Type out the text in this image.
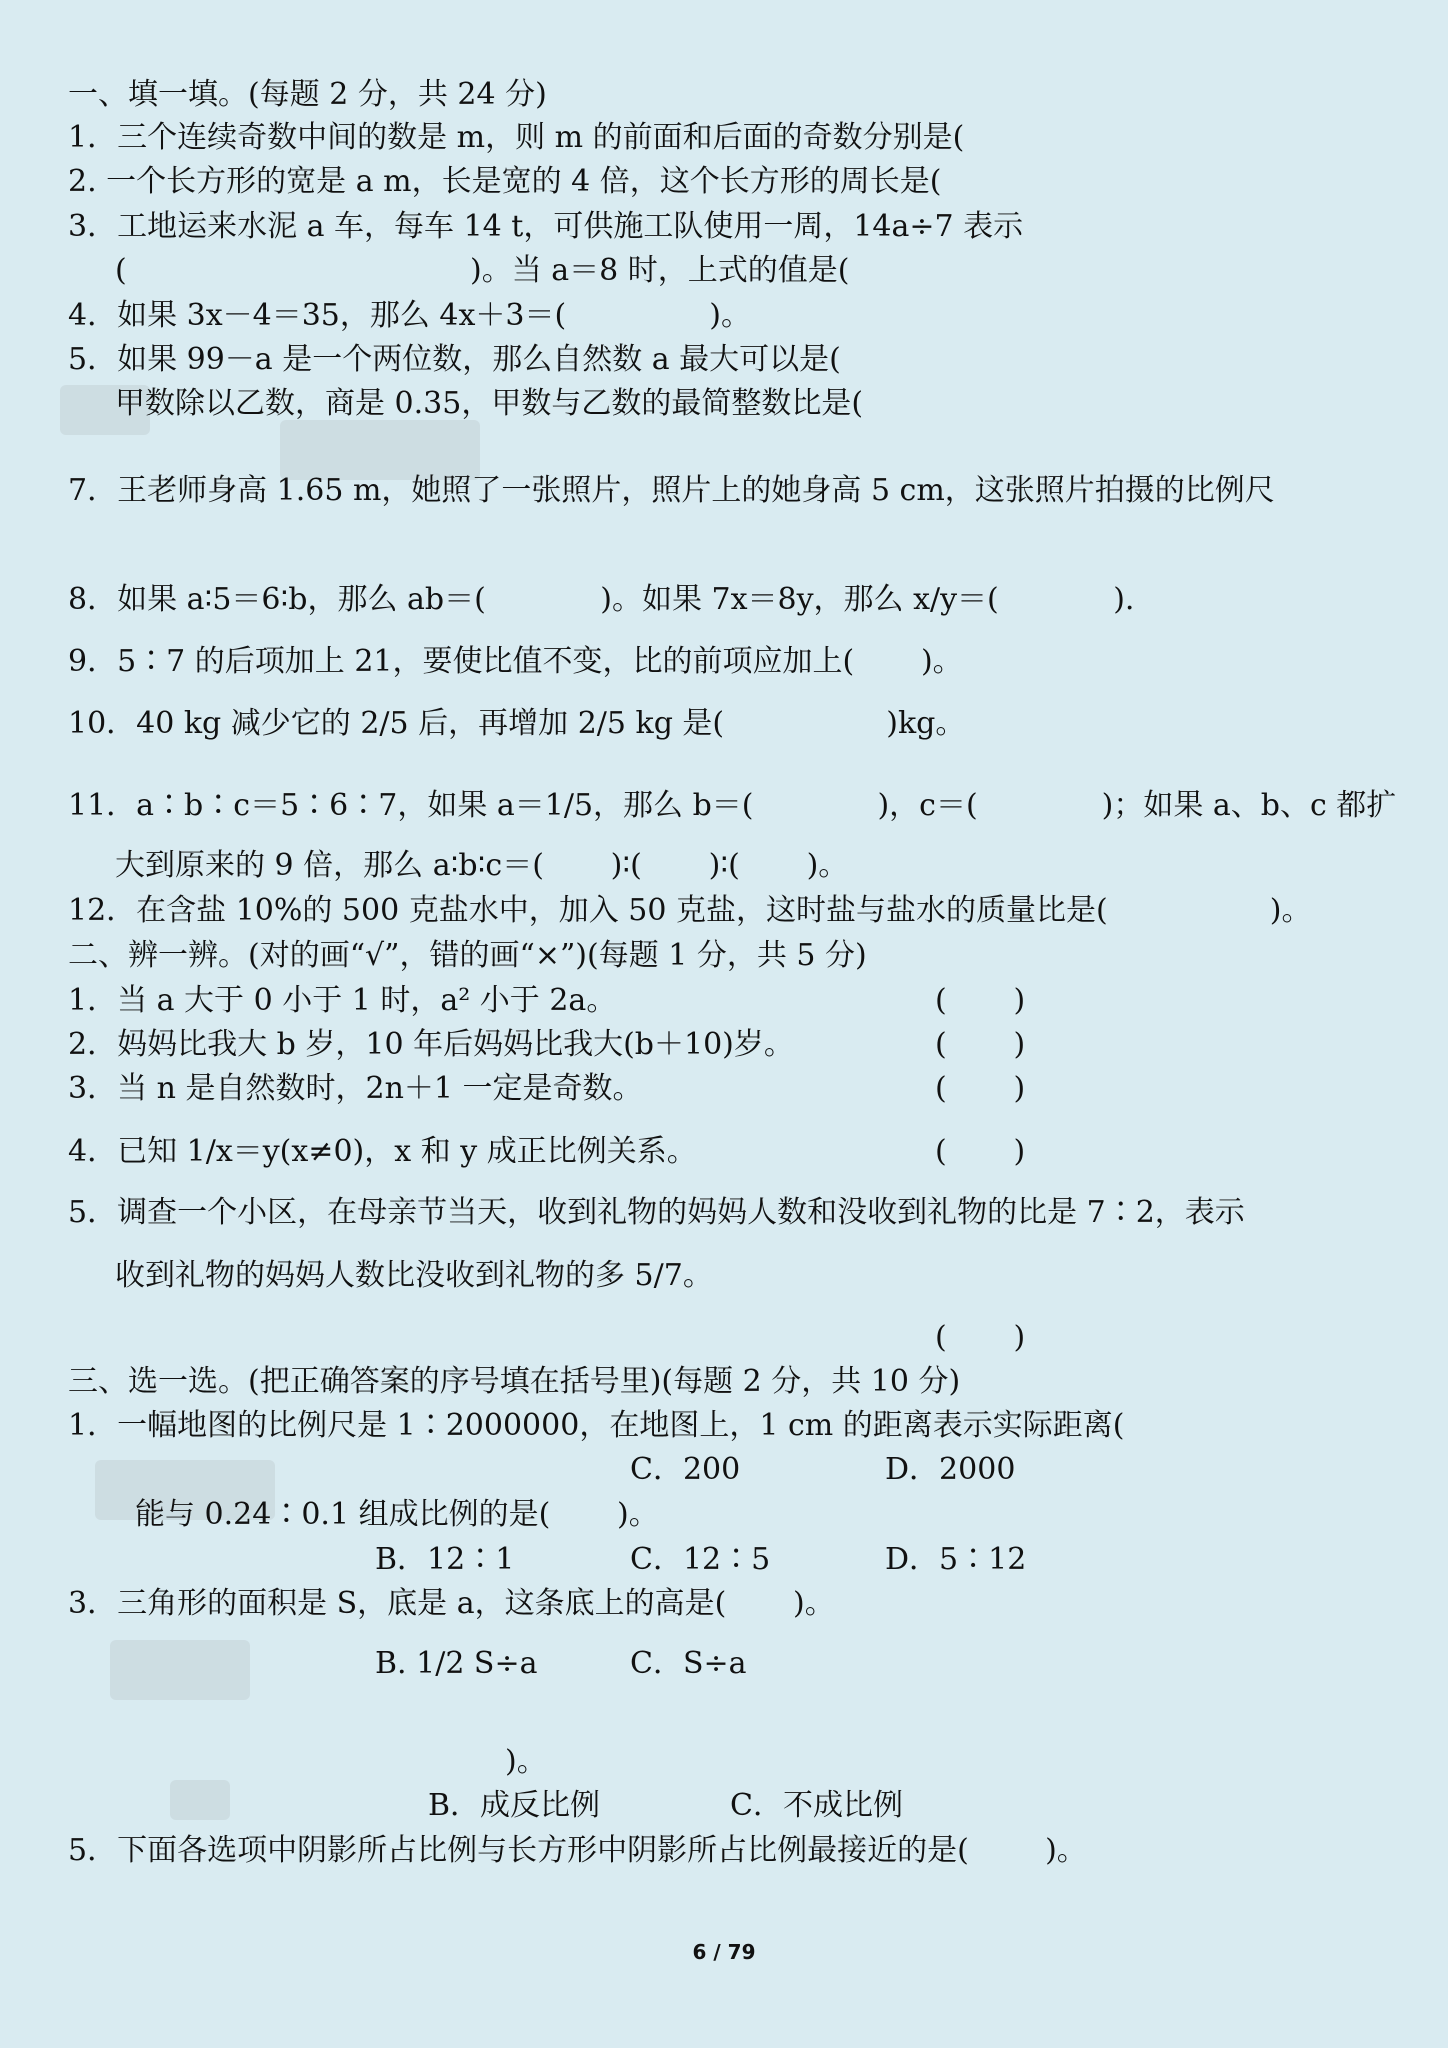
一、填一填。(每题 2 分，共 24 分)
1．三个连续奇数中间的数是 m，则 m 的前面和后面的奇数分别是(
2. 一个长方形的宽是 a m，长是宽的 4 倍，这个长方形的周长是(
3．工地运来水泥 a 车，每车 14 t，可供施工队使用一周，14a÷7 表示
(                                    )。当 a＝8 时，上式的值是(
4．如果 3x－4＝35，那么 4x＋3＝(               )。
5．如果 99－a 是一个两位数，那么自然数 a 最大可以是(
甲数除以乙数，商是 0.35，甲数与乙数的最简整数比是(
7．王老师身高 1.65 m，她照了一张照片，照片上的她身高 5 cm，这张照片拍摄的比例尺
8．如果 a∶5＝6∶b，那么 ab＝(            )。如果 7x＝8y，那么 x/y＝(            ).
9．5∶7 的后项加上 21，要使比值不变，比的前项应加上(       )。
10．40 kg 减少它的 2/5 后，再增加 2/5 kg 是(                 )kg。
11．a∶b∶c＝5∶6∶7，如果 a＝1/5，那么 b＝(             )，c＝(             )；如果 a、b、c 都扩
大到原来的 9 倍，那么 a∶b∶c＝(       )∶(       )∶(       )。
12．在含盐 10%的 500 克盐水中，加入 50 克盐，这时盐与盐水的质量比是(                 )。
二、辨一辨。(对的画“√”，错的画“×”)(每题 1 分，共 5 分)
1．当 a 大于 0 小于 1 时，a² 小于 2a。	(       )
2．妈妈比我大 b 岁，10 年后妈妈比我大(b＋10)岁。	(       )
3．当 n 是自然数时，2n＋1 一定是奇数。	(       )
4．已知 1/x＝y(x≠0)，x 和 y 成正比例关系。	(       )
5．调查一个小区，在母亲节当天，收到礼物的妈妈人数和没收到礼物的比是 7∶2，表示
收到礼物的妈妈人数比没收到礼物的多 5/7。
(       )
三、选一选。(把正确答案的序号填在括号里)(每题 2 分，共 10 分)
1．一幅地图的比例尺是 1∶2000000，在地图上，1 cm 的距离表示实际距离(
C．200	D．2000
能与 0.24∶0.1 组成比例的是(       )。
B．12∶1	C．12∶5	D．5∶12
3．三角形的面积是 S，底是 a，这条底上的高是(       )。
B. 1/2 S÷a	C．S÷a
)。
B．成反比例	C．不成比例
5．下面各选项中阴影所占比例与长方形中阴影所占比例最接近的是(        )。
6 / 79
